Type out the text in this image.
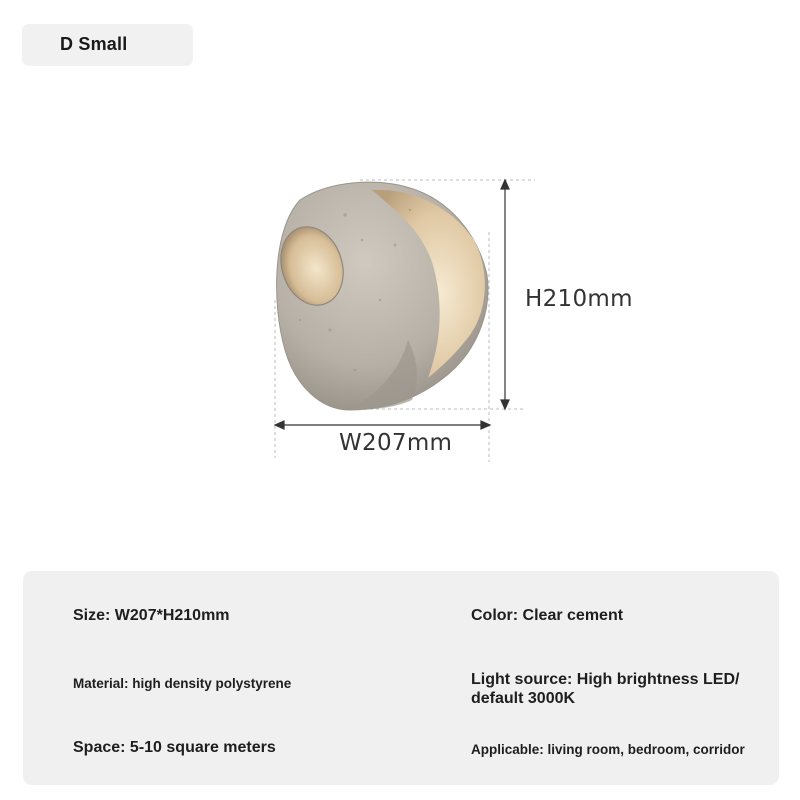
D Small
H210mm
W207mm
Size: W207*H210mm	Color: Clear cement
Material: high density polystyrene	Light source: High brightness LED/
default 3000K
Space: 5-10 square meters	Applicable: living room, bedroom, corridor
